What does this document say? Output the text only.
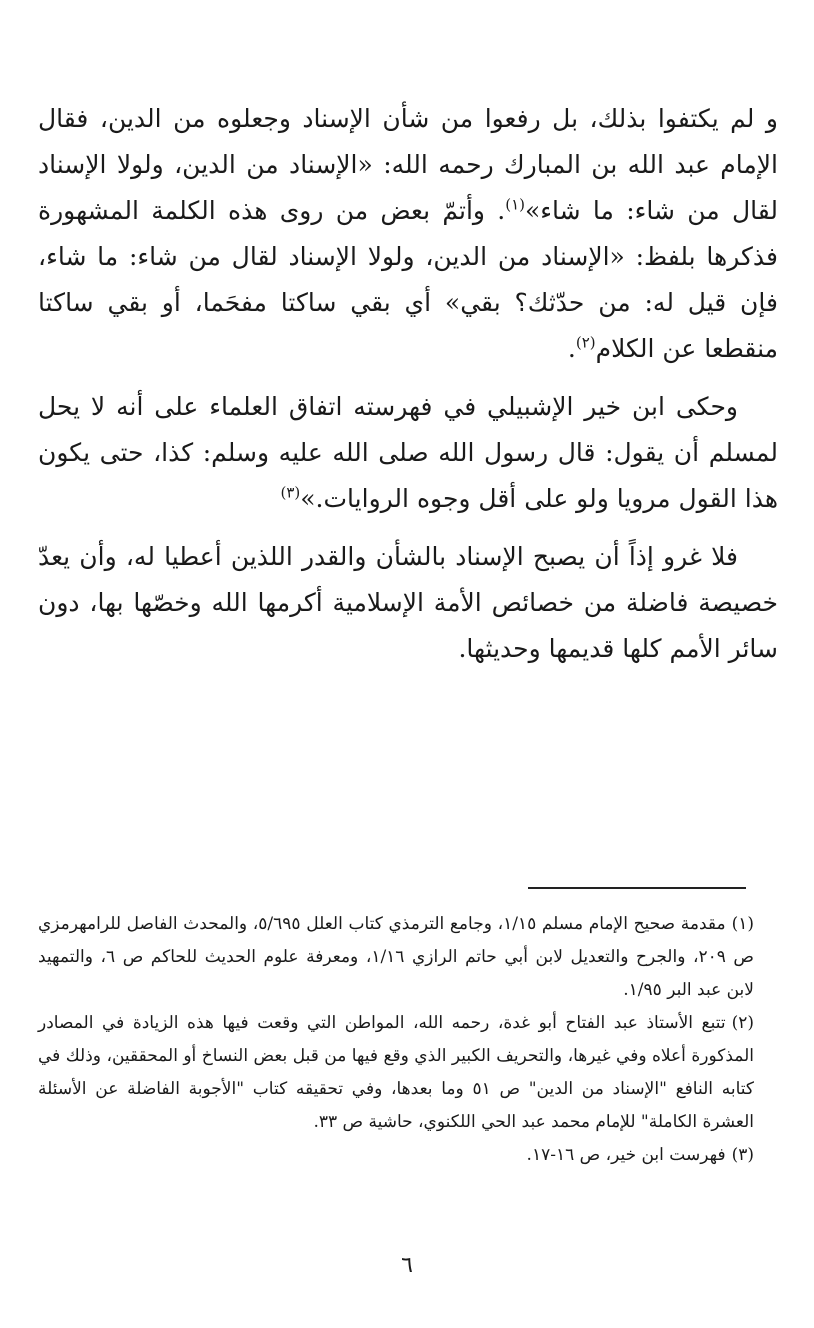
و لم يكتفوا بذلك، بل رفعوا من شأن الإسناد وجعلوه من الدين، فقال الإمام عبد الله بن المبارك رحمه الله: «الإسناد من الدين، ولولا الإسناد لقال من شاء: ما شاء»$^{(١)}$. وأتمّ بعض من روى هذه الكلمة المشهورة فذكرها بلفظ: «الإسناد من الدين، ولولا الإسناد لقال من شاء: ما شاء، فإن قيل له: من حدّثك؟ بقي» أي بقي ساكتا مفحَما، أو بقي ساكتا منقطعا عن الكلام$^{(٢)}$.

وحكى ابن خير الإشبيلي في فهرسته اتفاق العلماء على أنه لا يحل لمسلم أن يقول: قال رسول الله صلى الله عليه وسلم: كذا، حتى يكون هذا القول مرويا ولو على أقل وجوه الروايات.»$^{(٣)}$

فلا غرو إذاً أن يصبح الإسناد بالشأن والقدر اللذين أعطيا له، وأن يعدّ خصيصة فاضلة من خصائص الأمة الإسلامية أكرمها الله وخصّها بها، دون سائر الأمم كلها قديمها وحديثها.

(١)مقدمة صحيح الإمام مسلم ١/١٥، وجامع الترمذي كتاب العلل ٥/٦٩٥، والمحدث الفاصل للرامهرمزي ص ٢٠٩، والجرح والتعديل لابن أبي حاتم الرازي ١/١٦، ومعرفة علوم الحديث للحاكم ص ٦، والتمهيد لابن عبد البر ١/٩٥.

(٢)تتبع الأستاذ عبد الفتاح أبو غدة، رحمه الله، المواطن التي وقعت فيها هذه الزيادة في المصادر المذكورة أعلاه وفي غيرها، والتحريف الكبير الذي وقع فيها من قبل بعض النساخ أو المحققين، وذلك في كتابه النافع "الإسناد من الدين" ص ٥١ وما بعدها، وفي تحقيقه كتاب "الأجوبة الفاضلة عن الأسئلة العشرة الكاملة" للإمام محمد عبد الحي اللكنوي، حاشية ص ٣٣.

(٣)فهرست ابن خير، ص ١٦-١٧.

٦
